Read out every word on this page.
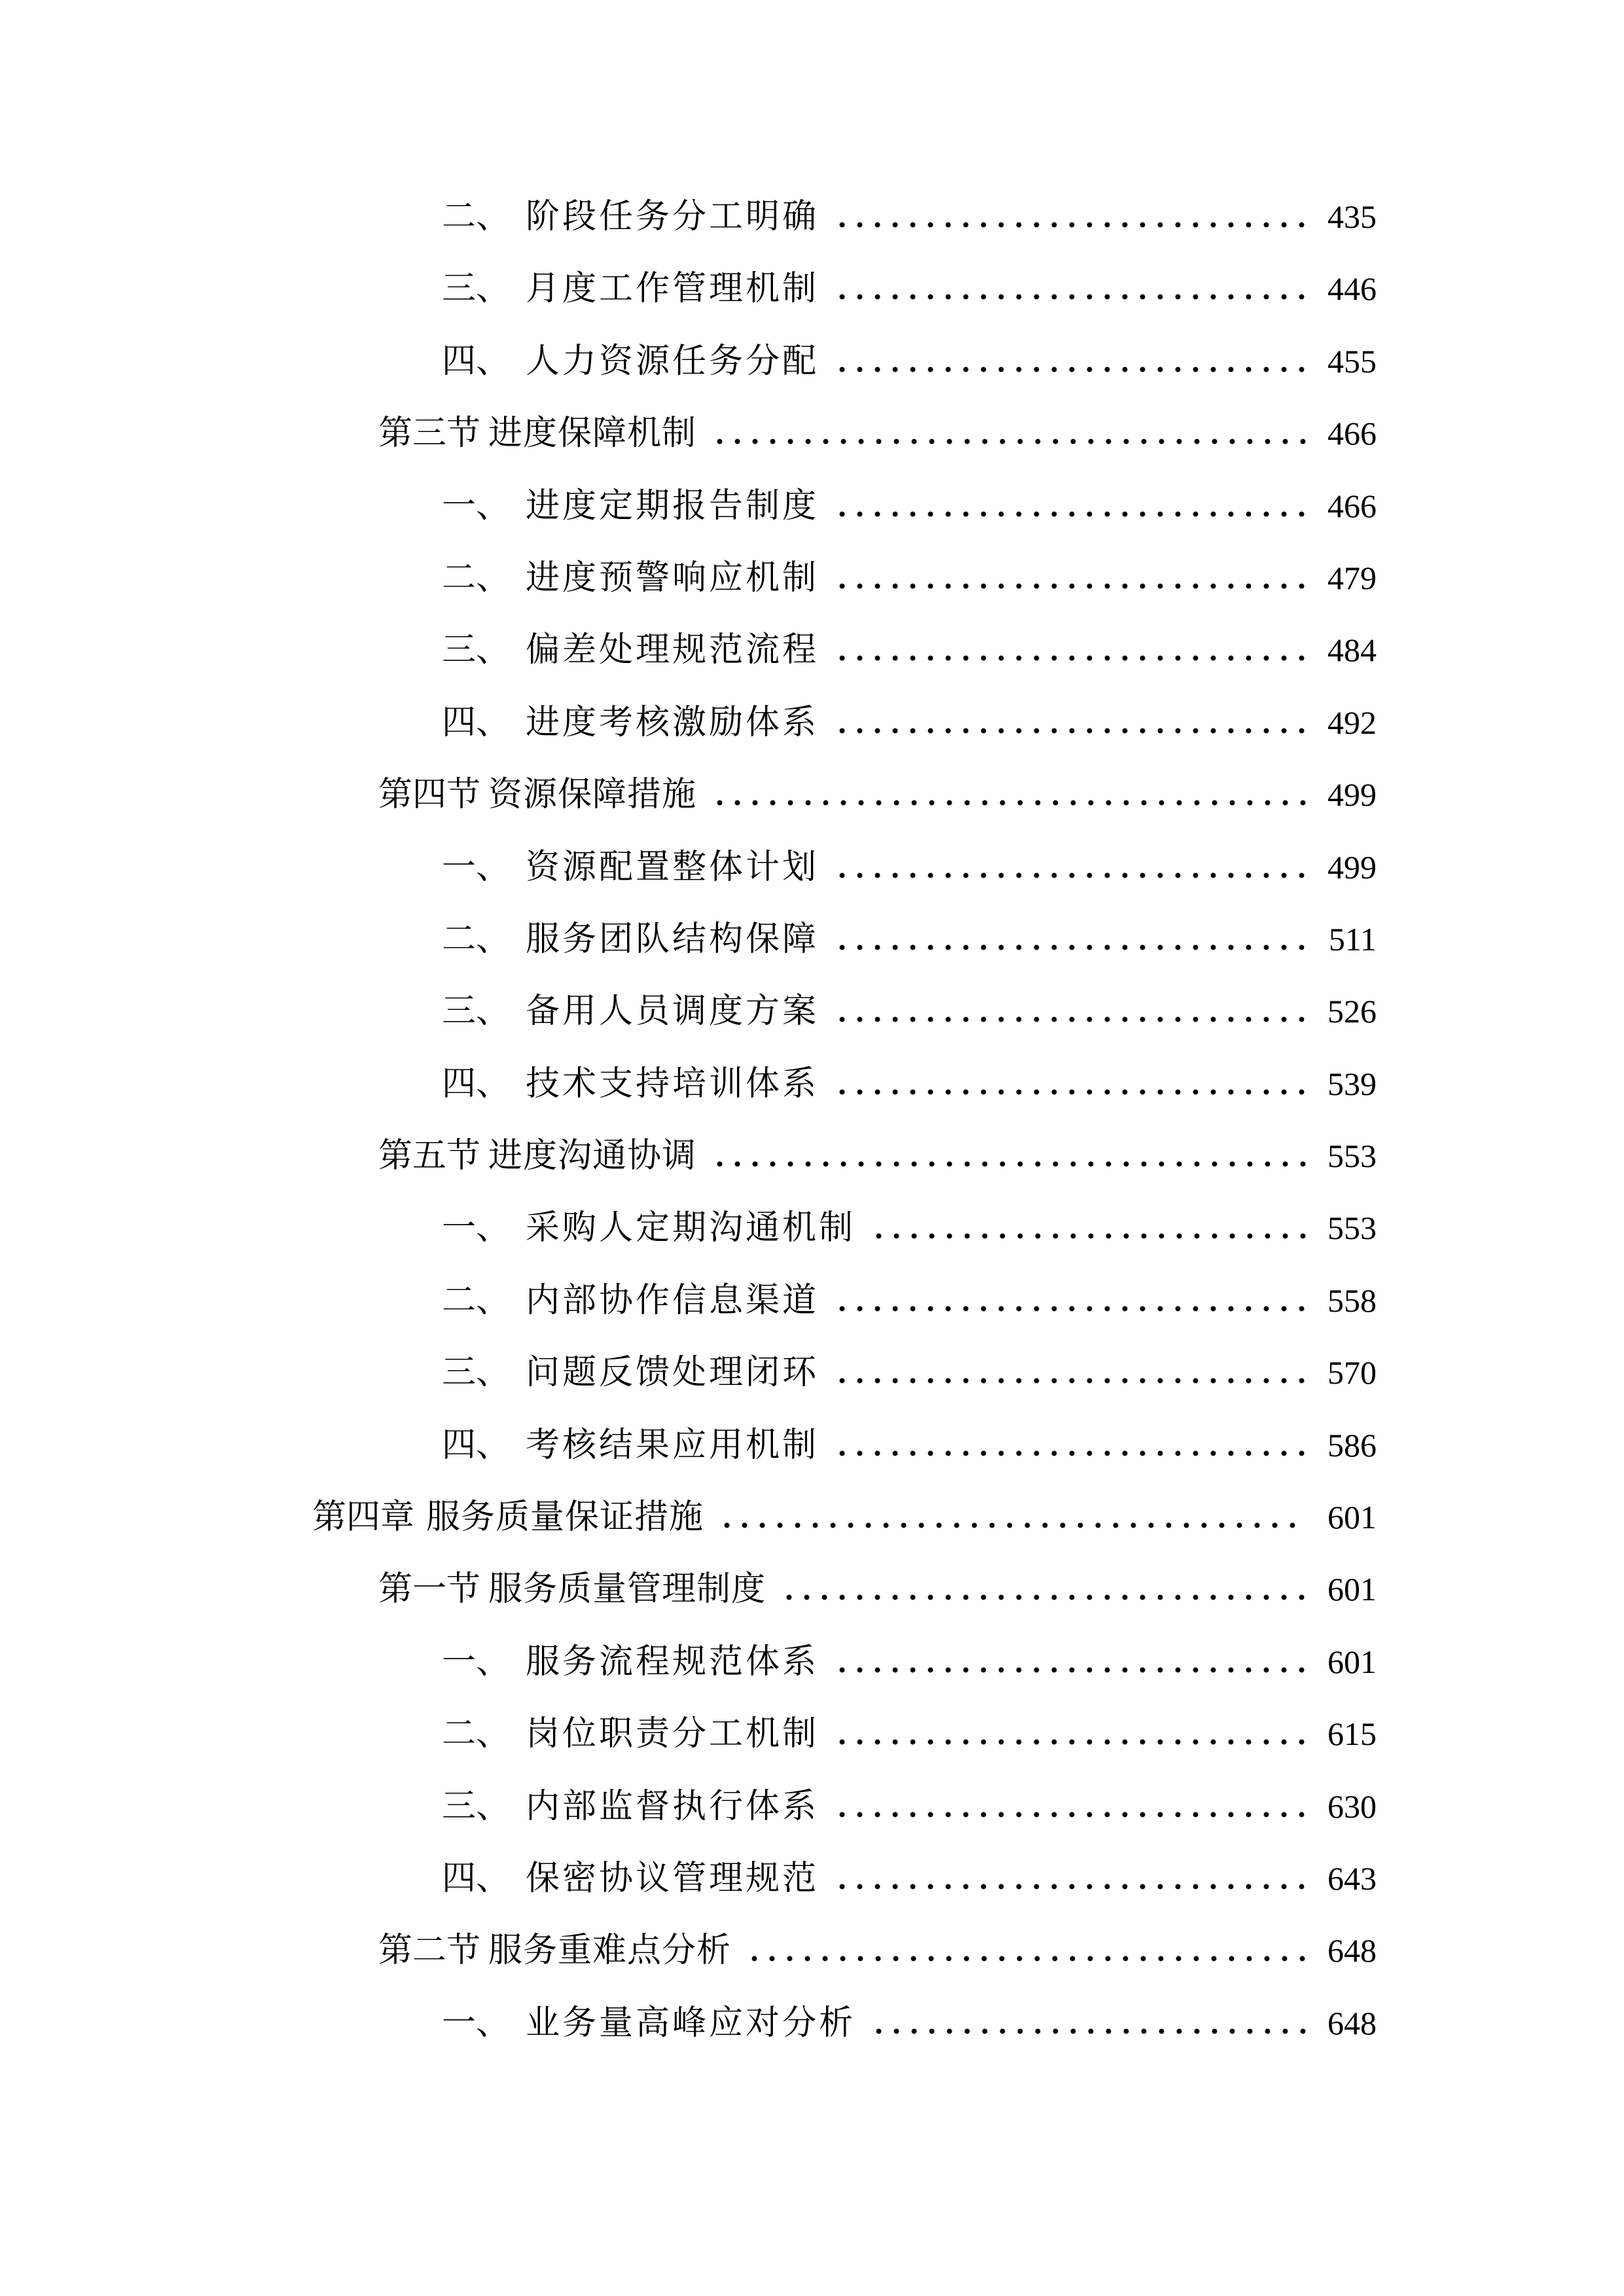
二、 阶段任务分工明确	435
三、 月度工作管理机制	446
四、 人力资源任务分配	455
第三节 进度保障机制	466
一、 进度定期报告制度	466
二、 进度预警响应机制	479
三、 偏差处理规范流程	484
四、 进度考核激励体系	492
第四节 资源保障措施	499
一、 资源配置整体计划	499
二、 服务团队结构保障	511
三、 备用人员调度方案	526
四、 技术支持培训体系	539
第五节 进度沟通协调	553
一、 采购人定期沟通机制	553
二、 内部协作信息渠道	558
三、 问题反馈处理闭环	570
四、 考核结果应用机制	586
第四章 服务质量保证措施	601
第一节 服务质量管理制度	601
一、 服务流程规范体系	601
二、 岗位职责分工机制	615
三、 内部监督执行体系	630
四、 保密协议管理规范	643
第二节 服务重难点分析	648
一、 业务量高峰应对分析	648
